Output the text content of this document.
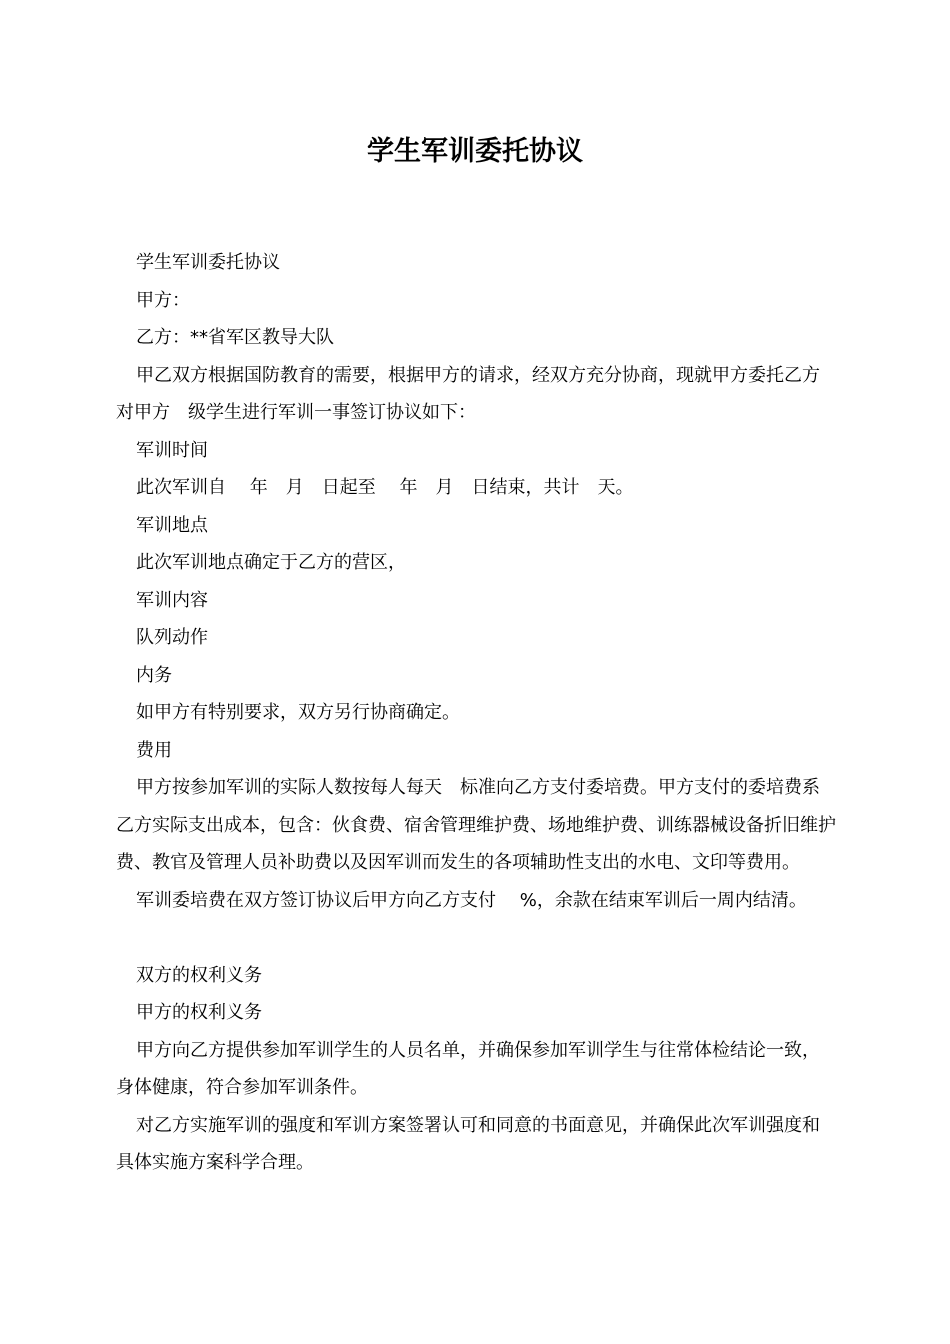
学生军训委托协议

学生军训委托协议

甲方：

乙方：**省军区教导大队

甲乙双方根据国防教育的需要，根据甲方的请求，经双方充分协商，现就甲方委托乙方对甲方　级学生进行军训一事签订协议如下：

军训时间

此次军训自　 年　月　日起至　 年　月　日结束，共计　天。

军训地点

此次军训地点确定于乙方的营区，

军训内容

队列动作

内务

如甲方有特别要求，双方另行协商确定。

费用

甲方按参加军训的实际人数按每人每天　标准向乙方支付委培费。甲方支付的委培费系乙方实际支出成本，包含：伙食费、宿舍管理维护费、场地维护费、训练器械设备折旧维护费、教官及管理人员补助费以及因军训而发生的各项辅助性支出的水电、文印等费用。

军训委培费在双方签订协议后甲方向乙方支付　 %，余款在结束军训后一周内结清。

双方的权利义务

甲方的权利义务

甲方向乙方提供参加军训学生的人员名单，并确保参加军训学生与往常体检结论一致，身体健康，符合参加军训条件。

对乙方实施军训的强度和军训方案签署认可和同意的书面意见，并确保此次军训强度和具体实施方案科学合理。
